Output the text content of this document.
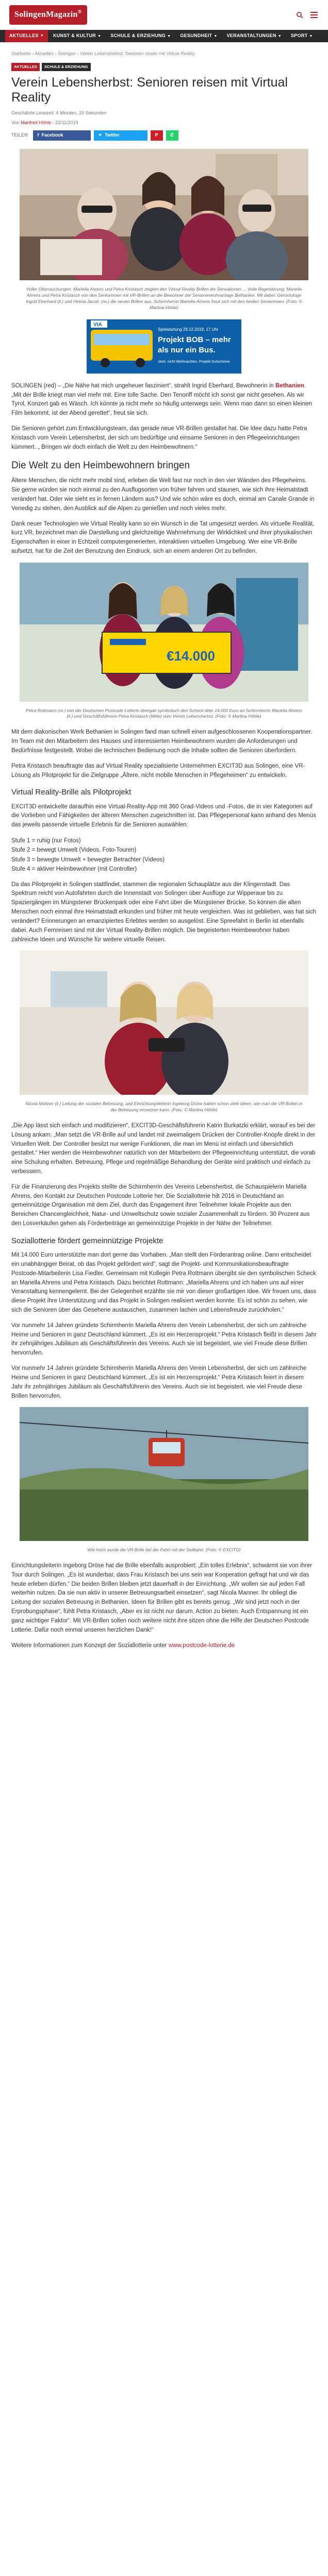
SolingenMagazin®
AKTUELLES ▼	KUNST & KULTUR ▼	SCHULE & ERZIEHUNG ▼	GESUNDHEIT ▼	VERANSTALTUNGEN ▼	SPORT ▼
Startseite › Aktuelles › Solingen › Verein Lebensherbst: Senioren reisen mit Virtual Reality
AKTUELLES	SCHULE & ERZIEHUNG
Verein Lebensherbst: Senioren reisen mit Virtual Reality
Geschätzte Lesezeit: 4 Minuten, 20 Sekunden
Von Manfred Höhle - 22/11/2019
TEILEN f Facebook	✦ Twitter	P	✆
Voller Überraschungen: Mariella Ahrens und Petra Kristasch zeigten den Virtual Reality Brillen die Sensationen ... Volle Begeisterung: Mariella Ahrens und Petra Kristasch von den Seniorinnen mit VR-Brillen an die Bewohner der Seniorenwohnanlage Bethanien. Mit dabei: Gerontologe Ingrid Eberhard (li.) und Helma Jacob. (re.) die neuen Brillen aus. Schirmherrin Mariella Ahrens freut sich mit den beiden Seniorinnen. (Foto: © Martina Höhle)
VIA
Spielstartung 29.12.2019, 17 Uhr
Projekt BOB – mehr
als nur ein Bus.
Jetzt, nicht Weihnachten, Projekt-Gutscheine.

SOLINGEN (red) – „Die Nähe hat mich ungeheuer fasziniert“, strahlt Ingrid Eberhard, Bewohnerin in Bethanien. „Mit der Brille kriegt man viel mehr mit. Eine tolle Sache. Den Tenoriff möcht ich sonst gar nicht gesehen. Als wir Tyrol, Konzert gab es Wäsch. Ich könnte ja nicht mehr so häufig unterwegs sein. Wenn man dann so einen kleinen Film bekommt, ist der Abend gerettet“, freut sie sich.

Die Senioren gehört zum Entwicklungsteam, das gerade neue VR-Brillen gestaltet hat. Die Idee dazu hatte Petra Kristasch vom Verein Lebensherbst, der sich um bedürftige und einsame Senioren in den Pflegeeinrichtungen kümmert. „ Bringen wir doch einfach die Welt zu den Heimbewohnern.“

Die Welt zu den Heimbewohnern bringen

Ältere Menschen, die nicht mehr mobil sind, erleben die Welt fast nur noch in den vier Wänden des Pflegeheims. Sie gerne würden sie noch einmal zu den Ausflugsorten von früher fahren und staunen, wie sich ihre Heimatstadt verändert hat. Oder wie sieht es in fernen Ländern aus? Und wie schön wäre es doch, einmal am Canale Grande in Venedig zu stehen, den Ausblick auf die Alpen zu genießen und noch vieles mehr.

Dank neuer Technologien wie Virtual Reality kann so ein Wunsch in die Tat umgesetzt werden. Als virtuelle Realität, kurz VR, bezeichnet man die Darstellung und gleichzeitige Wahrnehmung der Wirklichkeit und ihrer physikalischen Eigenschaften in einer in Echtzeit computergenerierten, interaktiven virtuellen Umgebung. Wer eine VR-Brille aufsetzt, hat für die Zeit der Benutzung den Eindruck, sich an einem anderen Ort zu befinden.

€14.000
Petra Rottmann (re.) von der Deutschen Postcode Lotterie übergab symbolisch den Scheck über 14.000 Euro an Schirmherrin Mariella Ahrens (li.) und Geschäftsführerin Petra Kristasch (Mitte) vom Verein Lebensherbst. (Foto: © Martina Höhle)

Mit dem diakonischen Werk Bethanien in Solingen fand man schnell einen aufgeschlossenen Kooperationspartner. Im Team mit den Mitarbeitern des Hauses und interessierten Heimbewohnern wurden die Anforderungen und Bedürfnisse festgestellt. Wobei die technischen Bedienung noch die Inhalte sollten die Senioren überfordern.

Petra Kristasch beauftragte das auf Virtual Reality spezialisierte Unternehmen EXCIT3D aus Solingen, eine VR-Lösung als Pilotprojekt für die Zielgruppe „Ältere, nicht mobile Menschen in Pflegeheimen“ zu entwickeln.

Virtual Reality-Brille als Pilotprojekt

EXCIT3D entwickelte daraufhin eine Virtual-Reality-App mit 360 Grad-Videos und -Fotos, die in vier Kategorien auf die Vorlieben und Fähigkeiten der älteren Menschen zugeschnitten ist. Das Pflegepersonal kann anhand des Menüs das jeweils passende virtuelle Erlebnis für die Senioren auswählen:

Stufe 1 = ruhig (nur Fotos)
Stufe 2 = bewegt Umwelt (Videos, Foto-Touren)
Stufe 3 = bewegte Umwelt + bewegter Betrachter (Videos)
Stufe 4 = aktiver Heimbewohner (mit Controller)

Da das Pilotprojekt in Solingen stattfindet, stammen die regionalen Schauplätze aus der Klingenstadt. Das Spektrum reicht von Autofahrten durch die Innenstadt von Solingen über Ausflüge zur Wipperaue bis zu Spaziergängen im Müngstener Brückenpark oder eine Fahrt über die Müngstener Brücke. So können die alten Menschen noch einmal ihre Heimatstadt erkunden und früher mit heute vergleichen. Was ist geblieben, was hat sich verändert? Erinnerungen an emanzipiertes Erlebtes werden so ausgelöst. Eine Spreefahrt in Berlin ist ebenfalls dabei. Auch Fernreisen sind mit der Virtual Reality-Brillen möglich. Die begeisterten Heimbewohner haben zahlreiche Ideen und Wünsche für weitere virtuelle Reisen.

Nicola Mahner (li.) Leitung der sozialen Betreuung, und Einrichtungsleiterin Ingeborg Dröse haben schon viele Ideen, wie man die VR-Brillen in der Betreuung einsetzen kann. (Foto: © Martina Höhle)

„Die App lässt sich einfach und modifizieren“, EXCIT3D-Geschäftsführerin Katrin Burkatzki erklärt, worauf es bei der Lösung ankam: „Man setzt die VR-Brille auf und landet mit zweimaligem Drücken der Controller-Knöpfe direkt in der Virtuellen Welt. Der Controller besitzt nur wenige Funktionen, die man im Menü ist einfach und übersichtlich gestaltet.“ Hier werden die Heimbewohner natürlich von der Mitarbeitern der Pflegeeinrichtung unterstützt, die vorab eine Schulung erhalten. Betreuung, Pflege und regelmäßige Behandlung der Geräte wird praktisch und einfach zu verbessern.

Für die Finanzierung des Projekts stellte die Schirmherrin des Vereins Lebensherbst, die Schauspielerin Mariella Ahrens, den Kontakt zur Deutschen Postcode Lotterie her. Die Soziallotterie hilt 2016 in Deutschland an gemeinnützige Organisation mit dem Ziel, durch das Engagement ihrer Teilnehmer lokale Projekte aus den Bereichen Chancengleichheit, Natur- und Umweltschutz sowie sozialer Zusammenhalt zu fördern. 30 Prozent aus den Losverkäufen gehen als Förderbeiträge an gemeinnützige Projekte in der Nähe der Teilnehmer.

Soziallotterie fördert gemeinnützige Projekte

Mit 14.000 Euro unterstützte man dort gerne das Vorhaben. „Man stellt den Förderantrag online. Dann entscheidet ein unabhängiger Beirat, ob das Projekt gefördert wird“, sagt die Projekt- und Kommunikationsbeauftragte Postcode-Mitarbeiterin Lisa Fiedler. Gemeinsam mit Kollegin Petra Rottmann übergibt sie den symbolischen Scheck an Mariella Ahrens und Petra Kristasch. Dazu berichtet Rottmann: „Mariella Ahrens und ich haben uns auf einer Veranstaltung kennengelernt. Bei der Gelegenheit erzählte sie mir von dieser großartigen Idee. Wir freuen uns, dass diese Projekt ihre Unterstützung und das Projekt in Solingen realisiert werden konnte. Es ist schön zu sehen, wie sich die Senioren über das Gesehene austauschen, zusammen lachen und Lebensfreude zurückholen.“

Vor nunmehr 14 Jahren gründete Schirmherrin Mariella Ahrens den Verein Lebensherbst, der sich um zahlreiche Heime und Senioren in ganz Deutschland kümmert. „Es ist ein Herzensprojekt.“ Petra Kristasch fleißt in diesem Jahr ihr zehnjähriges Jubiläum als Geschäftsführerin des Vereins. Auch sie ist begeistert, wie viel Freude diese Brillen hervorrufen.

Vor nunmehr 14 Jahren gründete Schirmherrin Mariella Ahrens den Verein Lebensherbst, der sich um zahlreiche Heime und Senioren in ganz Deutschland kümmert. „Es ist ein Herzensprojekt.“ Petra Kristasch feiert in diesem Jahr ihr zehnjähriges Jubiläum als Geschäftsführerin des Vereins. Auch sie ist begeistert, wie viel Freude diese Brillen hervorrufen.

Wie hoch wurde die VR-Brille bei der Fahrt mit der Seilbahn. (Foto: © EXCITO)

Einrichtungsleiterin Ingeborg Dröse hat die Brille ebenfalls ausprobiert: „Ein tolles Erlebnis“, schwärmt sie von ihrer Tour durch Solingen. „Es ist wunderbar, dass Frau Kristasch bei uns sein war Kooperation gefragt hat und wir das heute erleben dürfen.“ Die beiden Brillen bleiben jetzt dauerhaft in der Einrichtung. „Wir wollen sie auf jeden Fall weiterhin nutzen. Da sie nun aktiv in unserer Betreuungsarbeit einsetzen“, sagt Nicola Manner. Ihr obliegt die Leitung der sozialen Betreuung in Bethanien. Ideen für Brillen gibt es bereits genug. „Wir sind jetzt noch in der Erprobungsphase“, fühlt Petra Kristasch, „Aber es ist nicht nur darum, Action zu bieten. Auch Entspannung ist ein ganz wichtiger Faktor“. Mit VR-Brillen sollen noch weitere nicht ihre sitzen ohne die Hilfe der Deutschen Postcode Lotterie. Dafür noch einmal unseren herzlichen Dank!“

Weitere Informationen zum Konzept der Soziallotterie unter www.postcode-lotterie.de
